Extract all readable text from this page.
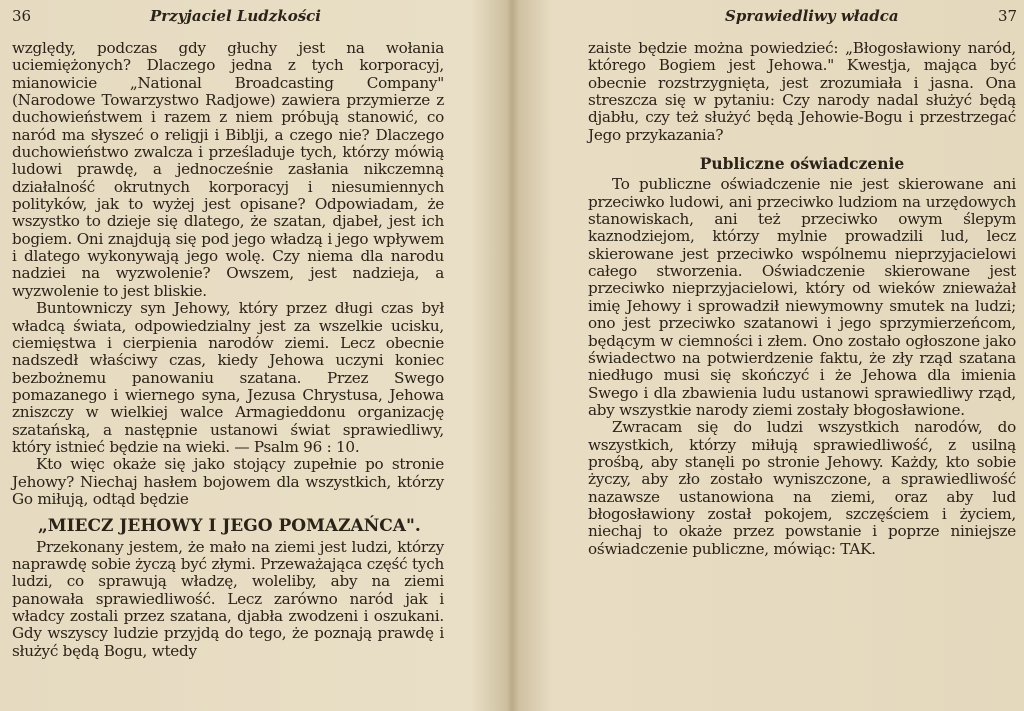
36	Przyjaciel Ludzkości

względy, podczas gdy głuchy jest na wołania uciemiężonych? Dlaczego jedna z tych korporacyj, mianowicie „National Broadcasting Company" (Narodowe Towarzystwo Radjowe) zawiera przymierze z duchowieństwem i razem z niem próbują stanowić, co naród ma słyszeć o religji i Biblji, a czego nie? Dlaczego duchowieństwo zwalcza i prześladuje tych, którzy mówią ludowi prawdę, a jednocześnie zasłania nikczemną działalność okrutnych korporacyj i niesumiennych polityków, jak to wyżej jest opisane? Odpowiadam, że wszystko to dzieje się dlatego, że szatan, djabeł, jest ich bogiem. Oni znajdują się pod jego władzą i jego wpływem i dlatego wykonywają jego wolę. Czy niema dla narodu nadziei na wyzwolenie? Owszem, jest nadzieja, a wyzwolenie to jest bliskie.

Buntowniczy syn Jehowy, który przez długi czas był władcą świata, odpowiedzialny jest za wszelkie ucisku, ciemięstwa i cierpienia narodów ziemi. Lecz obecnie nadszedł właściwy czas, kiedy Jehowa uczyni koniec bezbożnemu panowaniu szatana. Przez Swego pomazanego i wiernego syna, Jezusa Chrystusa, Jehowa zniszczy w wielkiej walce Armagieddonu organizację szatańską, a następnie ustanowi świat sprawiedliwy, który istnieć będzie na wieki. — Psalm 96 : 10.

Kto więc okaże się jako stojący zupełnie po stronie Jehowy? Niechaj hasłem bojowem dla wszystkich, którzy Go miłują, odtąd będzie

„MIECZ JEHOWY I JEGO POMAZAŃCA".

Przekonany jestem, że mało na ziemi jest ludzi, którzy naprawdę sobie życzą być złymi. Przeważająca część tych ludzi, co sprawują władzę, woleliby, aby na ziemi panowała sprawiedliwość. Lecz zarówno naród jak i władcy zostali przez szatana, djabła zwodzeni i oszukani. Gdy wszyscy ludzie przyjdą do tego, że poznają prawdę i służyć będą Bogu, wtedy

Sprawiedliwy władca	37

zaiste będzie można powiedzieć: „Błogosławiony naród, którego Bogiem jest Jehowa." Kwestja, mająca być obecnie rozstrzygnięta, jest zrozumiała i jasna. Ona streszcza się w pytaniu: Czy narody nadal służyć będą djabłu, czy też służyć będą Jehowie-Bogu i przestrzegać Jego przykazania?

Publiczne oświadczenie

To publiczne oświadczenie nie jest skierowane ani przeciwko ludowi, ani przeciwko ludziom na urzędowych stanowiskach, ani też przeciwko owym ślepym kaznodziejom, którzy mylnie prowadzili lud, lecz skierowane jest przeciwko wspólnemu nieprzyjacielowi całego stworzenia. Oświadczenie skierowane jest przeciwko nieprzyjacielowi, który od wieków znieważał imię Jehowy i sprowadził niewymowny smutek na ludzi; ono jest przeciwko szatanowi i jego sprzymierzeńcom, będącym w ciemności i złem. Ono zostało ogłoszone jako świadectwo na potwierdzenie faktu, że zły rząd szatana niedługo musi się skończyć i że Jehowa dla imienia Swego i dla zbawienia ludu ustanowi sprawiedliwy rząd, aby wszystkie narody ziemi zostały błogosławione.

Zwracam się do ludzi wszystkich narodów, do wszystkich, którzy miłują sprawiedliwość, z usilną prośbą, aby stanęli po stronie Jehowy. Każdy, kto sobie życzy, aby zło zostało wyniszczone, a sprawiedliwość nazawsze ustanowiona na ziemi, oraz aby lud błogosławiony został pokojem, szczęściem i życiem, niechaj to okaże przez powstanie i poprze niniejsze oświadczenie publiczne, mówiąc: TAK.
